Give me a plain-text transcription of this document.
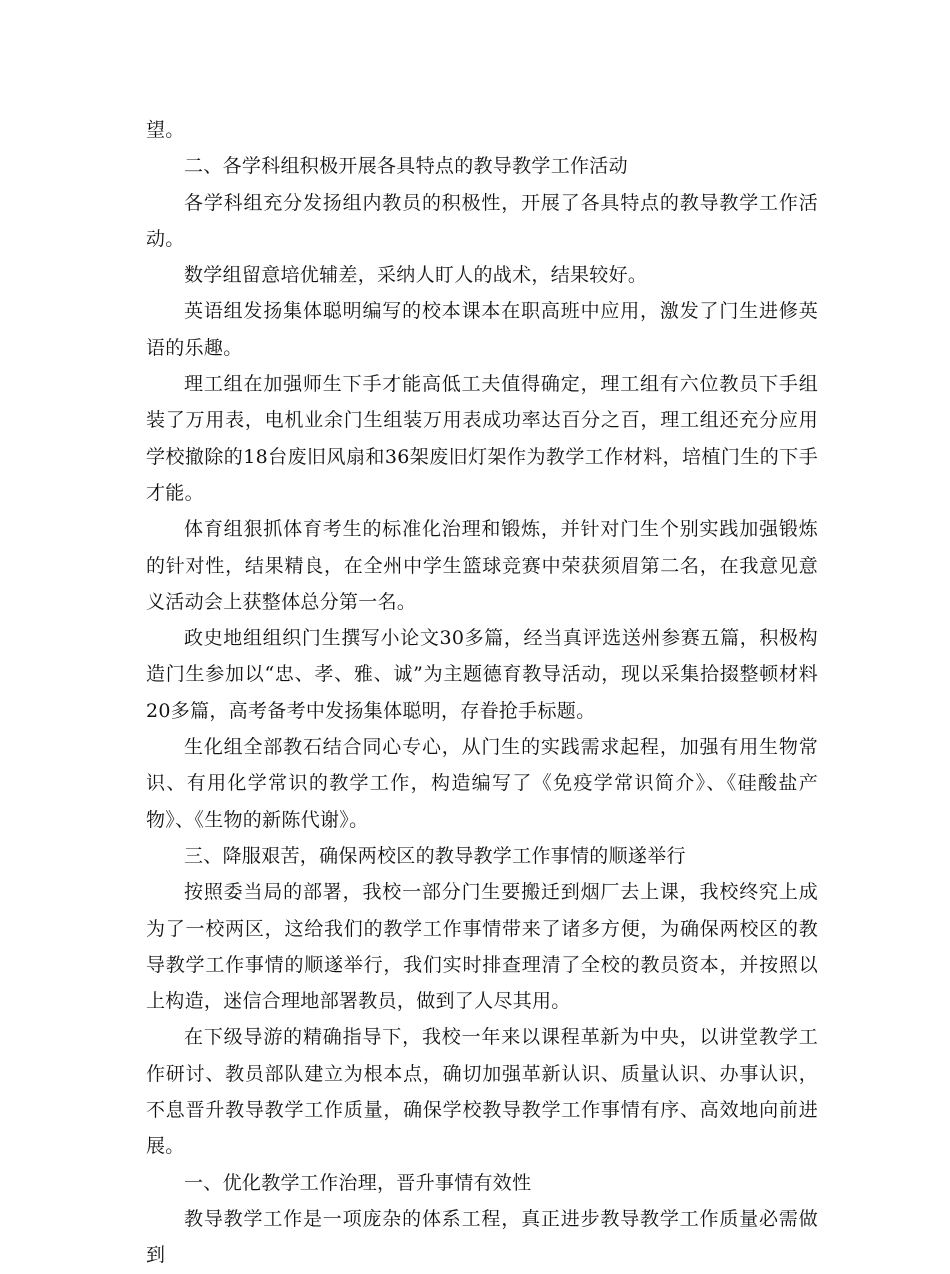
望。

二、各学科组积极开展各具特点的教导教学工作活动

各学科组充分发扬组内教员的积极性，开展了各具特点的教导教学工作活动。

数学组留意培优辅差，采纳人盯人的战术，结果较好。

英语组发扬集体聪明编写的校本课本在职高班中应用，激发了门生进修英语的乐趣。

理工组在加强师生下手才能高低工夫值得确定，理工组有六位教员下手组装了万用表，电机业余门生组装万用表成功率达百分之百，理工组还充分应用学校撤除的18台废旧风扇和36架废旧灯架作为教学工作材料，培植门生的下手才能。

体育组狠抓体育考生的标准化治理和锻炼，并针对门生个别实践加强锻炼的针对性，结果精良，在全州中学生篮球竞赛中荣获须眉第二名，在我意见意义活动会上获整体总分第一名。

政史地组组织门生撰写小论文30多篇，经当真评选送州参赛五篇，积极构造门生参加以“忠、孝、雅、诚”为主题德育教导活动，现以采集拾掇整顿材料20多篇，高考备考中发扬集体聪明，存眷抢手标题。

生化组全部教石结合同心专心，从门生的实践需求起程，加强有用生物常识、有用化学常识的教学工作，构造编写了《免疫学常识简介》、《硅酸盐产物》、《生物的新陈代谢》。

三、降服艰苦，确保两校区的教导教学工作事情的顺遂举行

按照委当局的部署，我校一部分门生要搬迁到烟厂去上课，我校终究上成为了一校两区，这给我们的教学工作事情带来了诸多方便，为确保两校区的教导教学工作事情的顺遂举行，我们实时排查理清了全校的教员资本，并按照以上构造，迷信合理地部署教员，做到了人尽其用。

在下级导游的精确指导下，我校一年来以课程革新为中央，以讲堂教学工作研讨、教员部队建立为根本点，确切加强革新认识、质量认识、办事认识，不息晋升教导教学工作质量，确保学校教导教学工作事情有序、高效地向前进展。

一、优化教学工作治理，晋升事情有效性

教导教学工作是一项庞杂的体系工程，真正进步教导教学工作质量必需做到
